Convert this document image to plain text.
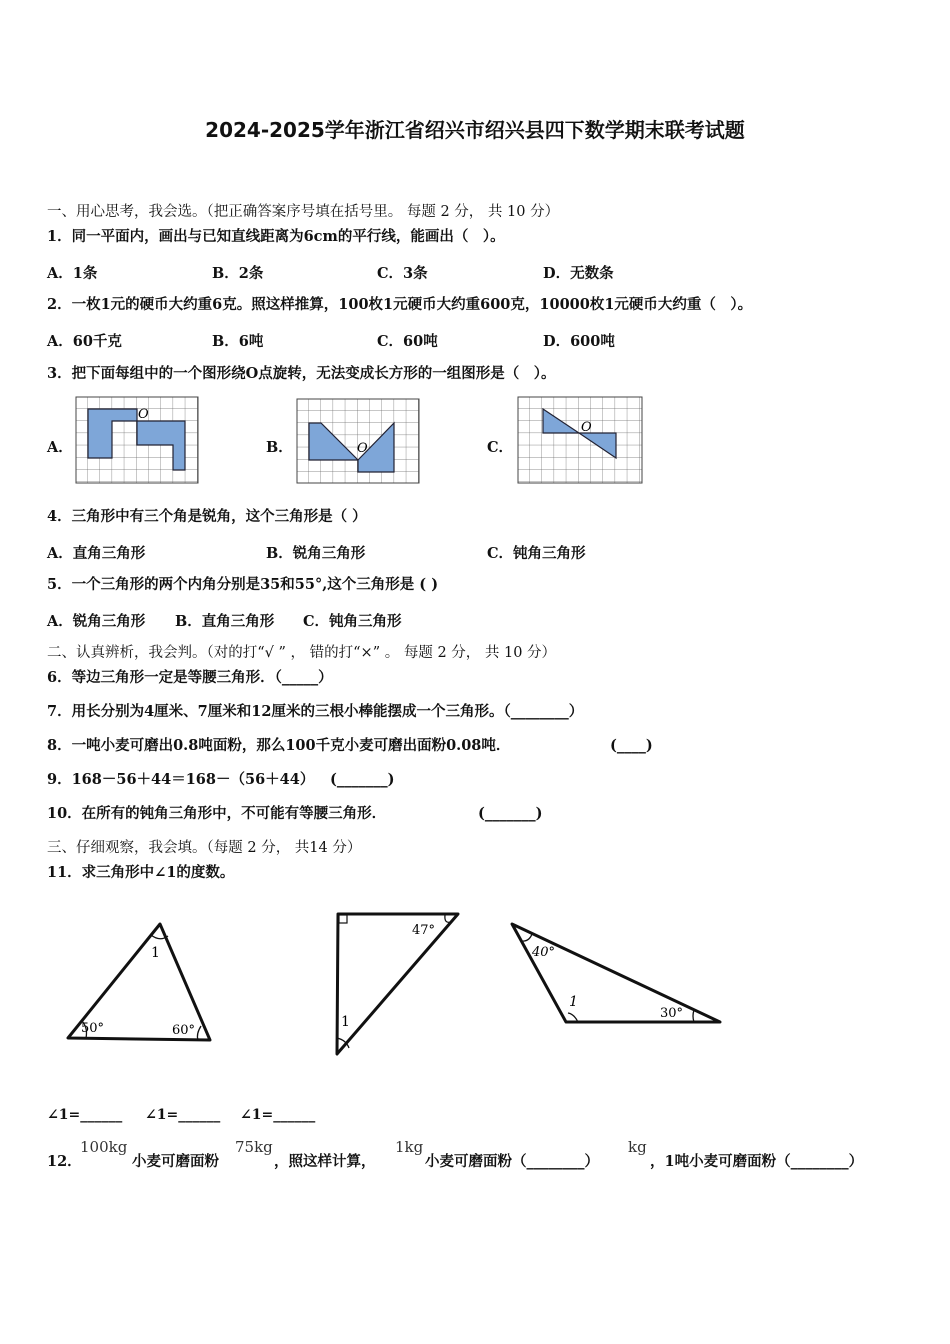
2024-2025学年浙江省绍兴市绍兴县四下数学期末联考试题
一、用心思考，我会选。（把正确答案序号填在括号里。 每题 2 分， 共 10 分）
1．同一平面内，画出与已知直线距离为6cm的平行线，能画出（　）。
A．1条	B．2条	C．3条	D．无数条
2．一枚1元的硬币大约重6克。照这样推算，100枚1元硬币大约重600克，10000枚1元硬币大约重（　）。
A．60千克	B．6吨	C．60吨	D．600吨
3．把下面每组中的一个图形绕O点旋转，无法变成长方形的一组图形是（　）。
A．	B．	C．
O
O
O
4．三角形中有三个角是锐角，这个三角形是（ ）
A．直角三角形	B．锐角三角形	C．钝角三角形
5．一个三角形的两个内角分别是35和55°,这个三角形是 ( )
A．锐角三角形 B．直角三角形 C．钝角三角形
二、认真辨析，我会判。（对的打“√ ” ， 错的打“×” 。 每题 2 分， 共 10 分）
6．等边三角形一定是等腰三角形．（_____）
7．用长分别为4厘米、7厘米和12厘米的三根小棒能摆成一个三角形。（________）
8．一吨小麦可磨出0.8吨面粉，那么100千克小麦可磨出面粉0.08吨．	(____)
9．168－56＋44＝168－（56＋44） (_______)
10．在所有的钝角三角形中，不可能有等腰三角形．	(_______)
三、仔细观察，我会填。（每题 2 分， 共14 分）
11．求三角形中∠1的度数。
1
50°	60°
47°
1
40°
1
30°
∠1=______ ∠1=______ ∠1=______
12．
100kg
小麦可磨面粉
75kg
，照这样计算，
1kg
小麦可磨面粉（________）
kg
，1吨小麦可磨面粉（________）
